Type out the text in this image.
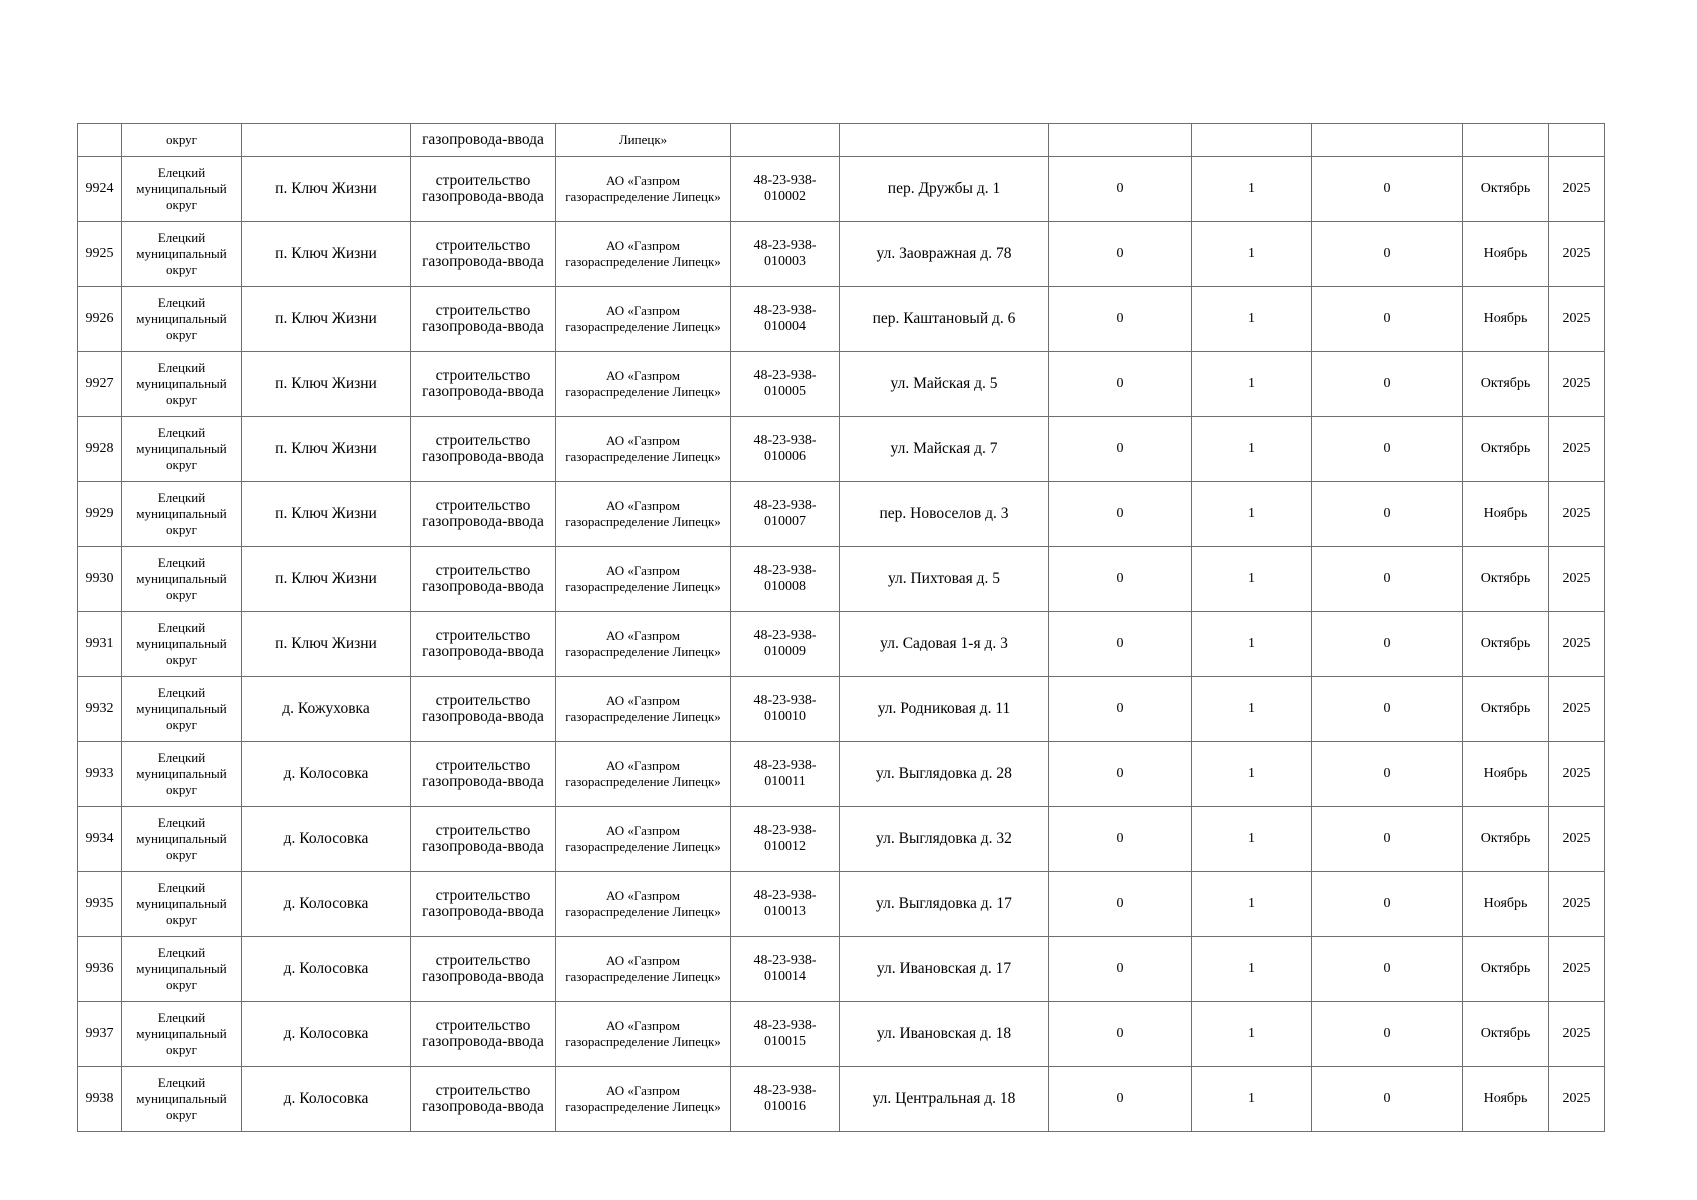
	округ		газопровода-ввода	Липецк»							
9924	Елецкий муниципальный округ	п. Ключ Жизни	строительство газопровода-ввода	АО «Газпром газораспределение Липецк»	48-23-938-010002	пер. Дружбы д. 1	0	1	0	Октябрь	2025
9925	Елецкий муниципальный округ	п. Ключ Жизни	строительство газопровода-ввода	АО «Газпром газораспределение Липецк»	48-23-938-010003	ул. Заовражная д. 78	0	1	0	Ноябрь	2025
9926	Елецкий муниципальный округ	п. Ключ Жизни	строительство газопровода-ввода	АО «Газпром газораспределение Липецк»	48-23-938-010004	пер. Каштановый д. 6	0	1	0	Ноябрь	2025
9927	Елецкий муниципальный округ	п. Ключ Жизни	строительство газопровода-ввода	АО «Газпром газораспределение Липецк»	48-23-938-010005	ул. Майская д. 5	0	1	0	Октябрь	2025
9928	Елецкий муниципальный округ	п. Ключ Жизни	строительство газопровода-ввода	АО «Газпром газораспределение Липецк»	48-23-938-010006	ул. Майская д. 7	0	1	0	Октябрь	2025
9929	Елецкий муниципальный округ	п. Ключ Жизни	строительство газопровода-ввода	АО «Газпром газораспределение Липецк»	48-23-938-010007	пер. Новоселов д. 3	0	1	0	Ноябрь	2025
9930	Елецкий муниципальный округ	п. Ключ Жизни	строительство газопровода-ввода	АО «Газпром газораспределение Липецк»	48-23-938-010008	ул. Пихтовая д. 5	0	1	0	Октябрь	2025
9931	Елецкий муниципальный округ	п. Ключ Жизни	строительство газопровода-ввода	АО «Газпром газораспределение Липецк»	48-23-938-010009	ул. Садовая 1-я д. 3	0	1	0	Октябрь	2025
9932	Елецкий муниципальный округ	д. Кожуховка	строительство газопровода-ввода	АО «Газпром газораспределение Липецк»	48-23-938-010010	ул. Родниковая д. 11	0	1	0	Октябрь	2025
9933	Елецкий муниципальный округ	д. Колосовка	строительство газопровода-ввода	АО «Газпром газораспределение Липецк»	48-23-938-010011	ул. Выглядовка д. 28	0	1	0	Ноябрь	2025
9934	Елецкий муниципальный округ	д. Колосовка	строительство газопровода-ввода	АО «Газпром газораспределение Липецк»	48-23-938-010012	ул. Выглядовка д. 32	0	1	0	Октябрь	2025
9935	Елецкий муниципальный округ	д. Колосовка	строительство газопровода-ввода	АО «Газпром газораспределение Липецк»	48-23-938-010013	ул. Выглядовка д. 17	0	1	0	Ноябрь	2025
9936	Елецкий муниципальный округ	д. Колосовка	строительство газопровода-ввода	АО «Газпром газораспределение Липецк»	48-23-938-010014	ул. Ивановская д. 17	0	1	0	Октябрь	2025
9937	Елецкий муниципальный округ	д. Колосовка	строительство газопровода-ввода	АО «Газпром газораспределение Липецк»	48-23-938-010015	ул. Ивановская д. 18	0	1	0	Октябрь	2025
9938	Елецкий муниципальный округ	д. Колосовка	строительство газопровода-ввода	АО «Газпром газораспределение Липецк»	48-23-938-010016	ул. Центральная д. 18	0	1	0	Ноябрь	2025
